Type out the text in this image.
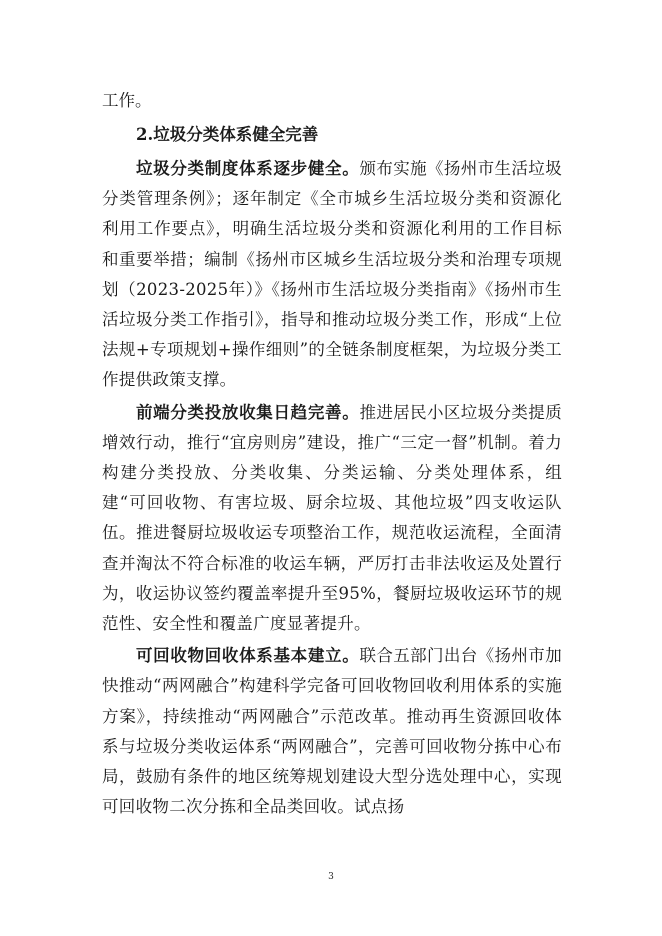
工作。

2.垃圾分类体系健全完善

垃圾分类制度体系逐步健全。颁布实施《扬州市生活垃圾分类管理条例》；逐年制定《全市城乡生活垃圾分类和资源化利用工作要点》，明确生活垃圾分类和资源化利用的工作目标和重要举措；编制《扬州市区城乡生活垃圾分类和治理专项规划（2023-2025年）》《扬州市生活垃圾分类指南》《扬州市生活垃圾分类工作指引》，指导和推动垃圾分类工作，形成“上位法规+专项规划+操作细则”的全链条制度框架，为垃圾分类工作提供政策支撑。

前端分类投放收集日趋完善。推进居民小区垃圾分类提质增效行动，推行“宜房则房”建设，推广“三定一督”机制。着力构建分类投放、分类收集、分类运输、分类处理体系，组建“可回收物、有害垃圾、厨余垃圾、其他垃圾”四支收运队伍。推进餐厨垃圾收运专项整治工作，规范收运流程，全面清查并淘汰不符合标准的收运车辆，严厉打击非法收运及处置行为，收运协议签约覆盖率提升至95%，餐厨垃圾收运环节的规范性、安全性和覆盖广度显著提升。

可回收物回收体系基本建立。联合五部门出台《扬州市加快推动“两网融合”构建科学完备可回收物回收利用体系的实施方案》，持续推动“两网融合”示范改革。推动再生资源回收体系与垃圾分类收运体系“两网融合”，完善可回收物分拣中心布局，鼓励有条件的地区统筹规划建设大型分选处理中心，实现可回收物二次分拣和全品类回收。试点扬

3
